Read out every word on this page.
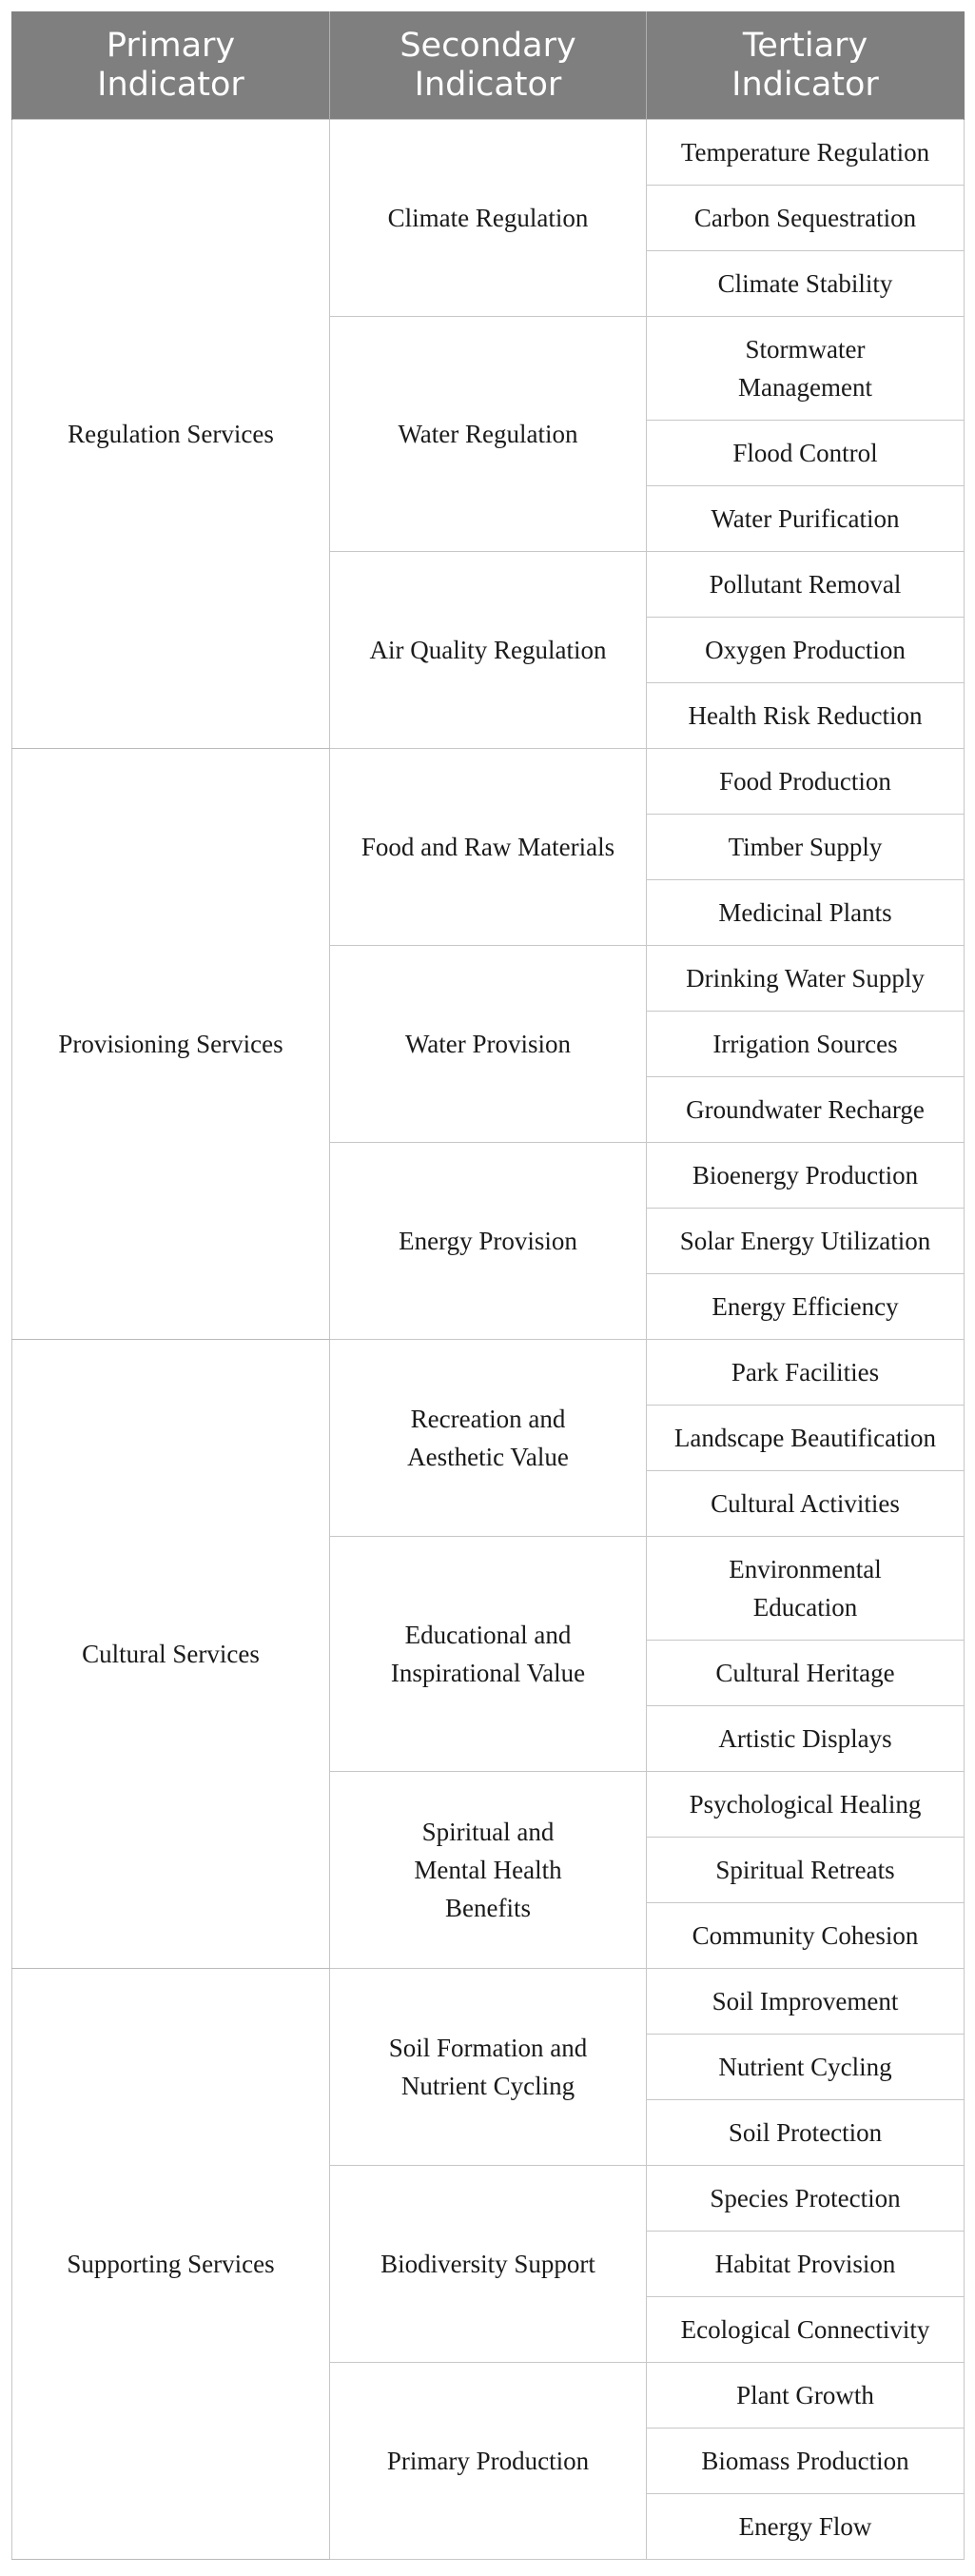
Primary Indicator	Secondary Indicator	Tertiary Indicator
Regulation Services	Climate Regulation	Temperature Regulation
		Carbon Sequestration
		Climate Stability
	Water Regulation	Stormwater Management
		Flood Control
		Water Purification
	Air Quality Regulation	Pollutant Removal
		Oxygen Production
		Health Risk Reduction
Provisioning Services	Food and Raw Materials	Food Production
		Timber Supply
		Medicinal Plants
	Water Provision	Drinking Water Supply
		Irrigation Sources
		Groundwater Recharge
	Energy Provision	Bioenergy Production
		Solar Energy Utilization
		Energy Efficiency
Cultural Services	Recreation and Aesthetic Value	Park Facilities
		Landscape Beautification
		Cultural Activities
	Educational and Inspirational Value	Environmental Education
		Cultural Heritage
		Artistic Displays
	Spiritual and Mental Health Benefits	Psychological Healing
		Spiritual Retreats
		Community Cohesion
Supporting Services	Soil Formation and Nutrient Cycling	Soil Improvement
		Nutrient Cycling
		Soil Protection
	Biodiversity Support	Species Protection
		Habitat Provision
		Ecological Connectivity
	Primary Production	Plant Growth
		Biomass Production
		Energy Flow
